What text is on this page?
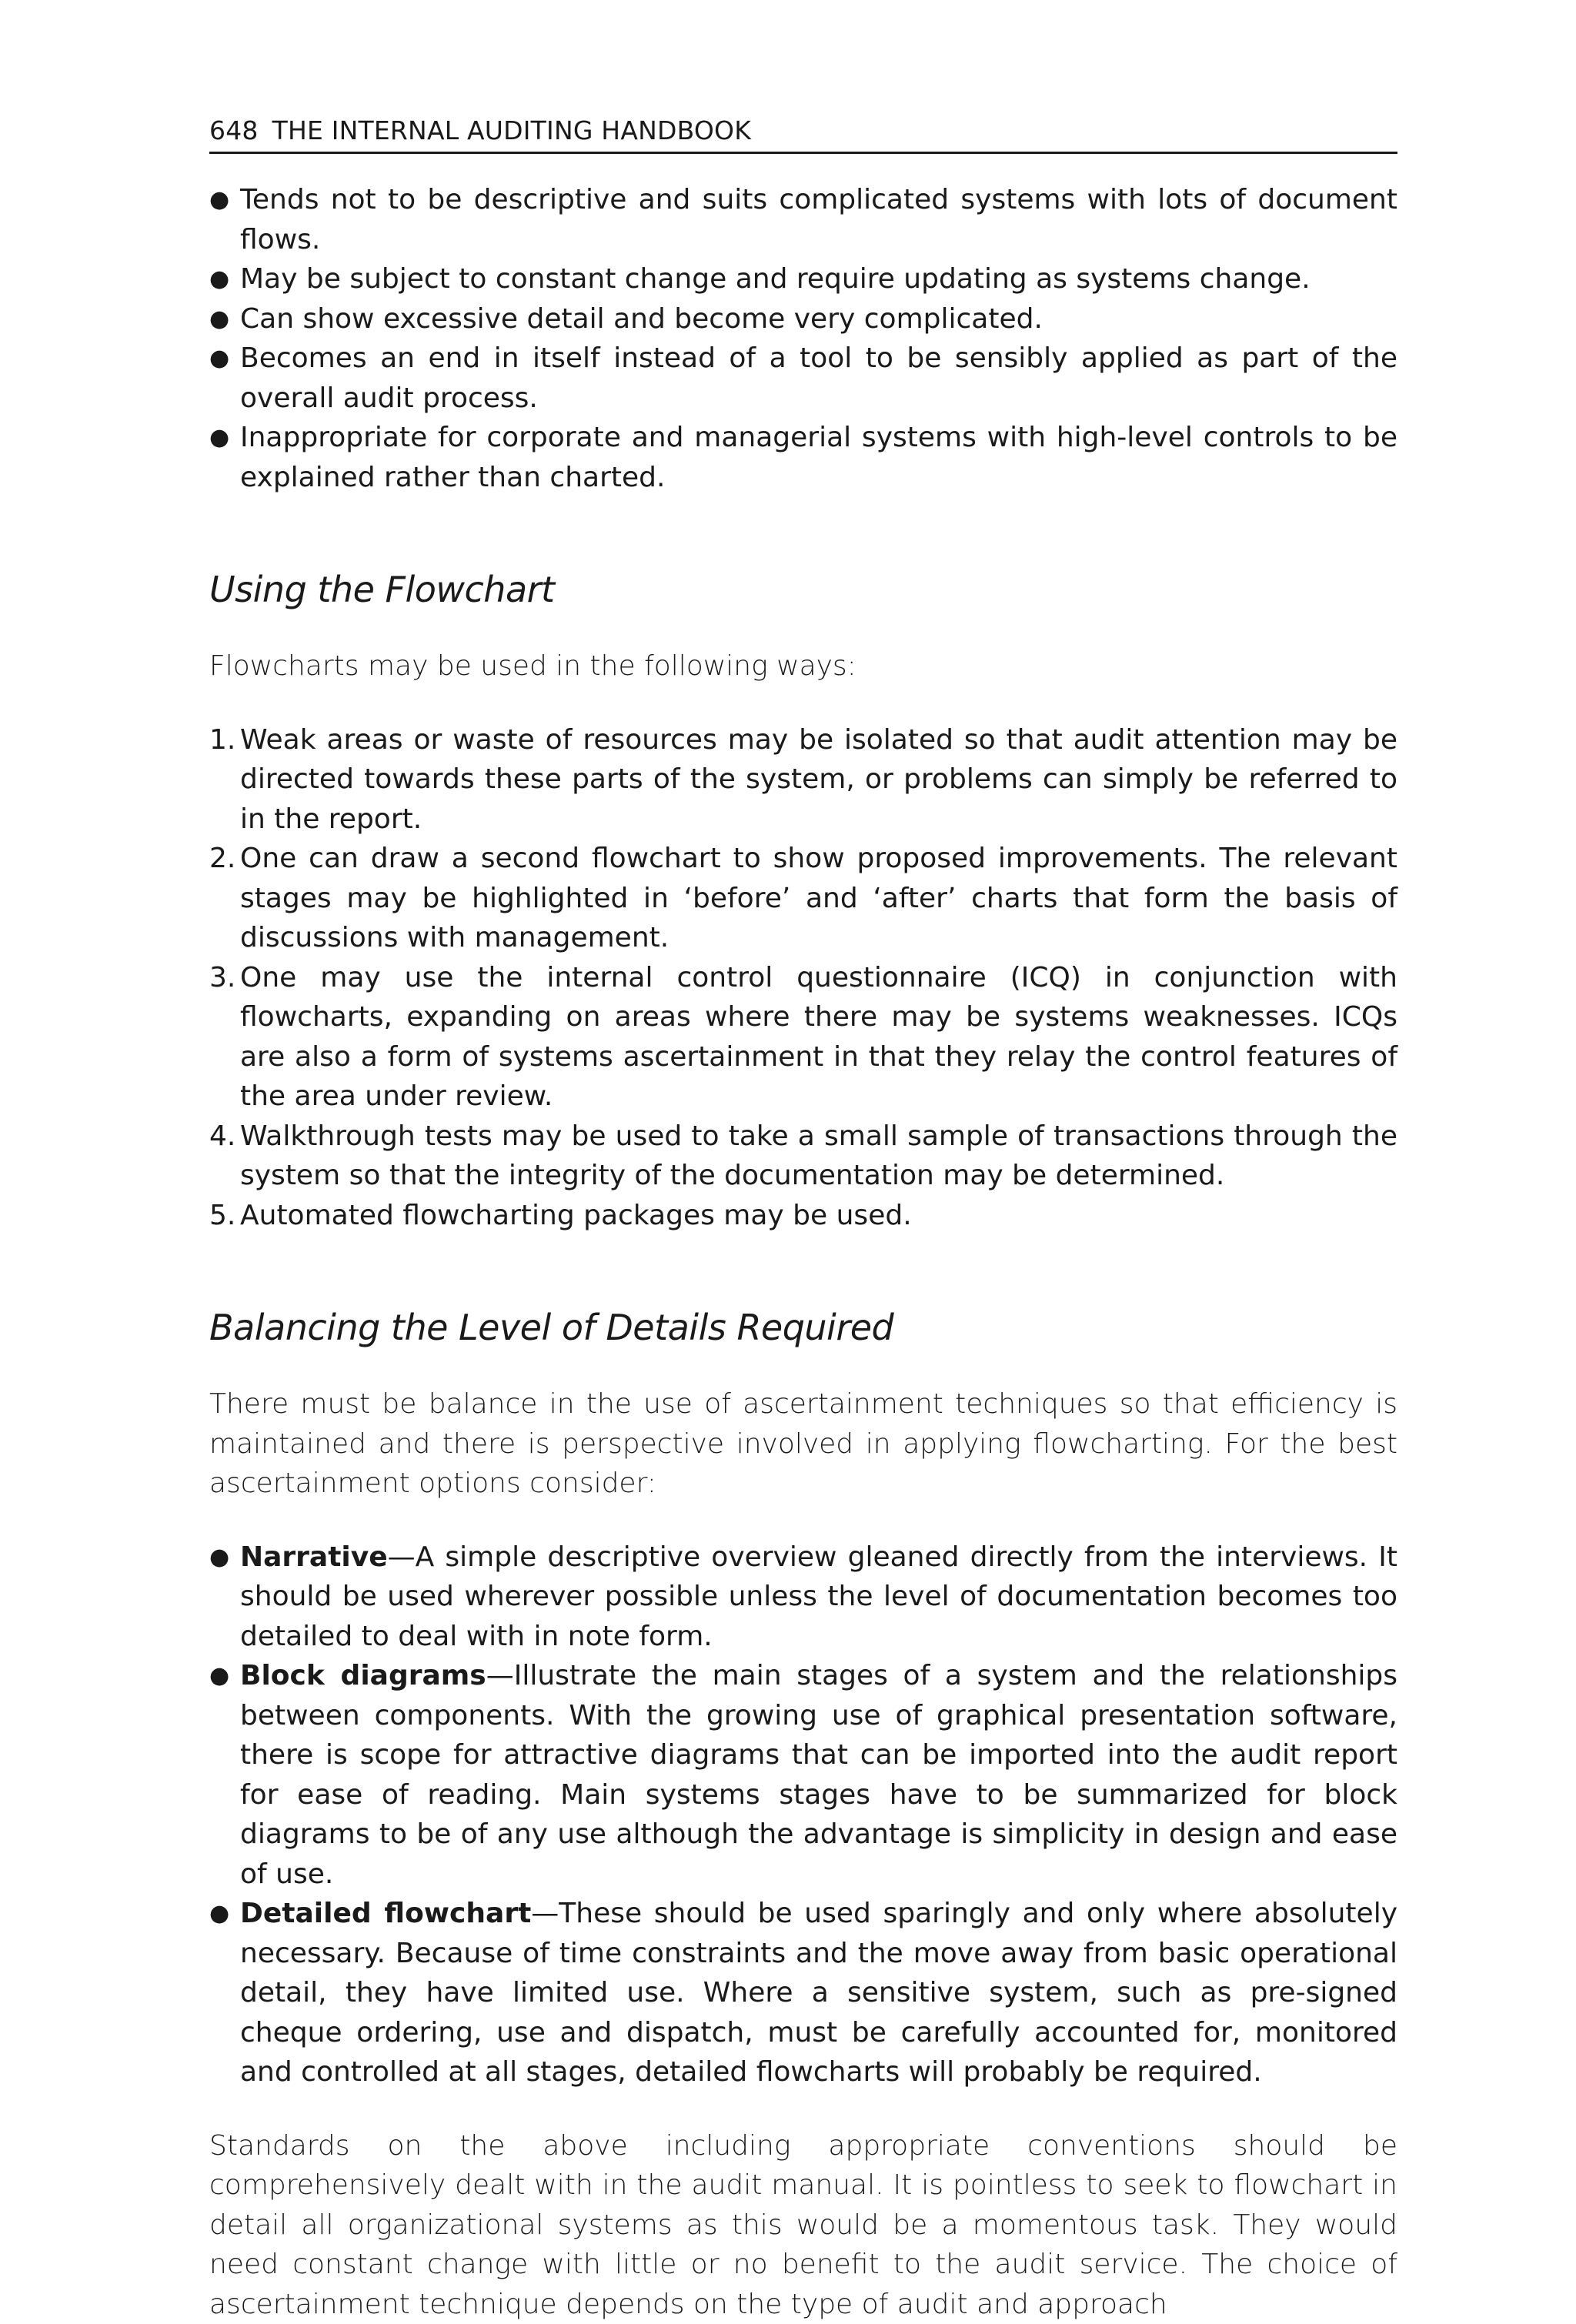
648 THE INTERNAL AUDITING HANDBOOK
● Tends not to be descriptive and suits complicated systems with lots of document flows.
● May be subject to constant change and require updating as systems change.
● Can show excessive detail and become very complicated.
● Becomes an end in itself instead of a tool to be sensibly applied as part of the overall audit process.
● Inappropriate for corporate and managerial systems with high-level controls to be explained rather than charted.
Using the Flowchart

Flowcharts may be used in the following ways:

1. Weak areas or waste of resources may be isolated so that audit attention may be directed towards these parts of the system, or problems can simply be referred to in the report.
2. One can draw a second flowchart to show proposed improvements. The relevant stages may be highlighted in ‘before’ and ‘after’ charts that form the basis of discussions with management.
3. One may use the internal control questionnaire (ICQ) in conjunction with flowcharts, expanding on areas where there may be systems weaknesses. ICQs are also a form of systems ascertainment in that they relay the control features of the area under review.
4. Walkthrough tests may be used to take a small sample of transactions through the system so that the integrity of the documentation may be determined.
5. Automated flowcharting packages may be used.
Balancing the Level of Details Required

There must be balance in the use of ascertainment techniques so that efficiency is maintained and there is perspective involved in applying flowcharting. For the best ascertainment options consider:

● Narrative—A simple descriptive overview gleaned directly from the interviews. It should be used wherever possible unless the level of documentation becomes too detailed to deal with in note form.
● Block diagrams—Illustrate the main stages of a system and the relationships between components. With the growing use of graphical presentation software, there is scope for attractive diagrams that can be imported into the audit report for ease of reading. Main systems stages have to be summarized for block diagrams to be of any use although the advantage is simplicity in design and ease of use.
● Detailed flowchart—These should be used sparingly and only where absolutely necessary. Because of time constraints and the move away from basic operational detail, they have limited use. Where a sensitive system, such as pre-signed cheque ordering, use and dispatch, must be carefully accounted for, monitored and controlled at all stages, detailed flowcharts will probably be required.

Standards on the above including appropriate conventions should be comprehensively dealt with in the audit manual. It is pointless to seek to flowchart in detail all organizational systems as this would be a momentous task. They would need constant change with little or no benefit to the audit service. The choice of ascertainment technique depends on the type of audit and approach
